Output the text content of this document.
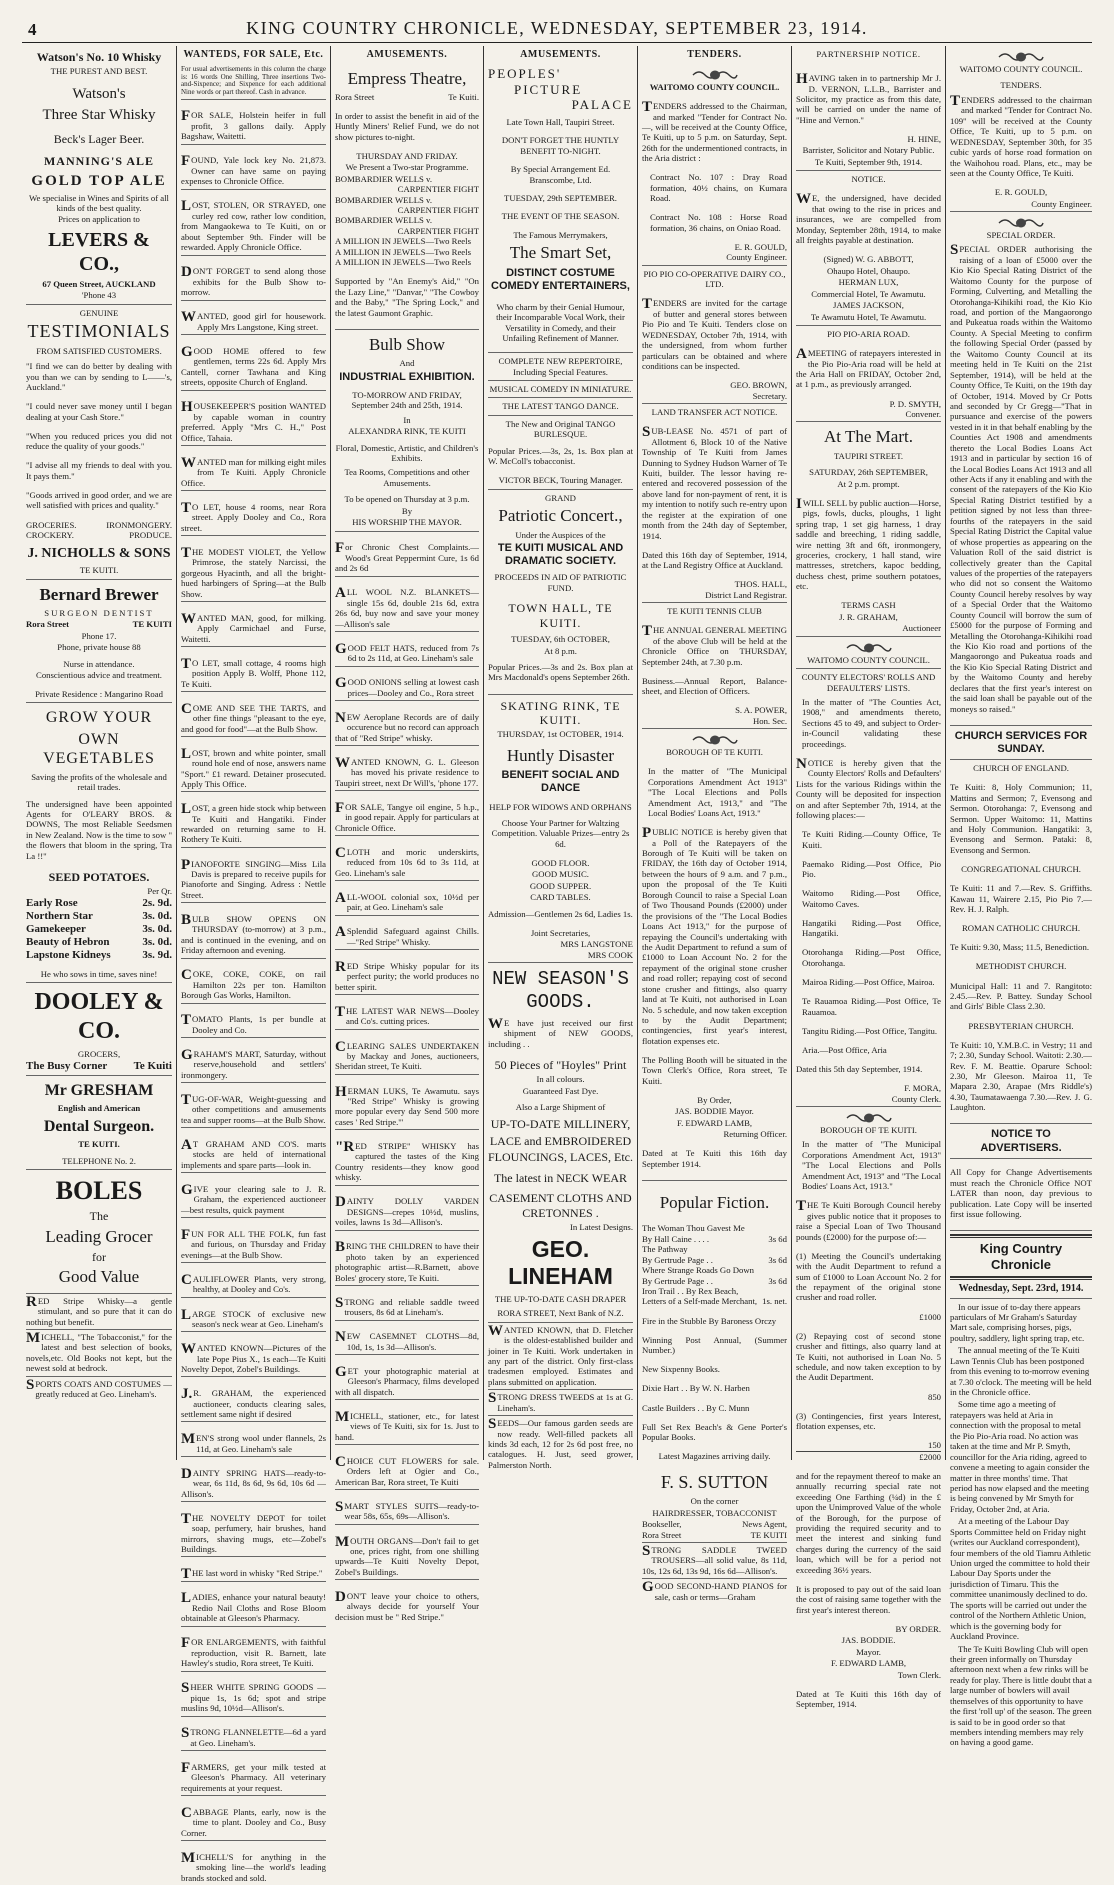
4	KING COUNTRY CHRONICLE, WEDNESDAY, SEPTEMBER 23, 1914.
Watson's No. 10 Whisky
THE PUREST AND BEST.
Watson's
Three Star Whisky
Beck's Lager Beer.
MANNING'S ALE
GOLD TOP ALE
We specialise in Wines and Spirits of all kinds of the best quality.
Prices on application to
LEVERS & CO.,
67 Queen Street, AUCKLAND
'Phone 43
GENUINE
TESTIMONIALS
FROM SATISFIED CUSTOMERS.

"I find we can do better by dealing with you than we can by sending to L——'s, Auckland."

"I could never save money until I began dealing at your Cash Store."

"When you reduced prices you did not reduce the quality of your goods."

"I advise all my friends to deal with you. It pays them."

"Goods arrived in good order, and we are well satisfied with prices and quality."

GROCERIES.	IRONMONGERY.
CROCKERY.	PRODUCE.
J. NICHOLLS & SONS
TE KUITI.
Bernard Brewer
SURGEON DENTIST
Rora Street	TE KUITI
Phone 17.
Phone, private house 88
Nurse in attendance.
Conscientious advice and treatment.
Private Residence : Mangarino Road
GROW YOUR
OWN VEGETABLES
Saving the profits of the wholesale and retail trades.

The undersigned have been appointed Agents for O'LEARY BROS. & DOWNS, The most Reliable Seedsmen in New Zealand. Now is the time to sow " the flowers that bloom in the spring, Tra La !!"

SEED POTATOES.
Per Qr.
Early Rose	2s. 9d.
Northern Star	3s. 0d.
Gamekeeper	3s. 0d.
Beauty of Hebron	3s. 0d.
Lapstone Kidneys	3s. 9d.
He who sows in time, saves nine!
DOOLEY & CO.
GROCERS,
The Busy Corner Te Kuiti
Mr GRESHAM
English and American
Dental Surgeon.
TE KUITI.
TELEPHONE No. 2.
BOLES
The
Leading Grocer
for
Good Value

RED Stripe Whisky—a gentle stimulant, and so pure that it can do nothing but benefit.

MICHELL, "The Tobacconist," for the latest and best selection of books, novels,etc. Old Books not kept, but the newest sold at bedrock.

SPORTS COATS AND COSTUMES —greatly reduced at Geo. Lineham's.

WANTEDS, FOR SALE, Etc.

For usual advertisements in this column the charge is: 16 words One Shilling, Three insertions Two-and-Sixpence; and Sixpence for each additional Nine words or part thereof. Cash in advance.

FOR SALE, Holstein heifer in full profit, 3 gallons daily. Apply Bagshaw, Waitetti.

FOUND, Yale lock key No. 21,873. Owner can have same on paying expenses to Chronicle Office.

LOST, STOLEN, OR STRAYED, one curley red cow, rather low condition, from Mangaokewa to Te Kuiti, on or about September 9th. Finder will be rewarded. Apply Chronicle Office.

DON'T FORGET to send along those exhibits for the Bulb Show to-morrow.

WANTED, good girl for housework. Apply Mrs Langstone, King street.

GOOD HOME offered to few gentlemen, terms 22s 6d. Apply Mrs Cantell, corner Tawhana and King streets, opposite Church of England.

HOUSEKEEPER'S position WANTED by capable woman in country preferred. Apply "Mrs C. H.," Post Office, Tahaia.

WANTED man for milking eight miles from Te Kuiti. Apply Chronicle Office.

TO LET, house 4 rooms, near Rora street. Apply Dooley and Co., Rora street.

THE MODEST VIOLET, the Yellow Primrose, the stately Narcissi, the gorgeous Hyacinth, and all the bright-hued harbingers of Spring—at the Bulb Show.

WANTED MAN, good, for milking. Apply Carmichael and Furse, Waitetti.

TO LET, small cottage, 4 rooms high position Apply B. Wolff, Phone 112, Te Kuiti.

COME AND SEE THE TARTS, and other fine things "pleasant to the eye, and good for food"—at the Bulb Show.

LOST, brown and white pointer, small round hole end of nose, answers name "Sport." £1 reward. Detainer prosecuted. Apply This Office.

LOST, a green hide stock whip between Te Kuiti and Hangatiki. Finder rewarded on returning same to H. Rothery Te Kuiti.

PIANOFORTE SINGING—Miss Lila Davis is prepared to receive pupils for Pianoforte and Singing. Adress : Nettle Street.

BULB SHOW OPENS ON THURSDAY (to-morrow) at 3 p.m., and is continued in the evening, and on Friday afternoon and evening.

COKE, COKE, COKE, on rail Hamilton 22s per ton. Hamilton Borough Gas Works, Hamilton.

TOMATO Plants, 1s per bundle at Dooley and Co.

GRAHAM'S MART, Saturday, without reserve,household and settlers' ironmongery.

TUG-OF-WAR, Weight-guessing and other competitions and amusements tea and supper rooms—at the Bulb Show.

AT GRAHAM AND CO'S. marts stocks are held of international implements and spare parts—look in.

GIVE your clearing sale to J. R. Graham, the experienced auctioneer—best results, quick payment

FUN FOR ALL THE FOLK, fun fast and furious, on Thursday and Friday evenings—at the Bulb Show.

CAULIFLOWER Plants, very strong, healthy, at Dooley and Co's.

LARGE STOCK of exclusive new season's neck wear at Geo. Lineham's

WANTED KNOWN—Pictures of the late Pope Pius X., 1s each—Te Kuiti Novelty Depot, Zobel's Buildings.

J.R. GRAHAM, the experienced auctioneer, conducts clearing sales, settlement same night if desired

MEN'S strong wool under flannels, 2s 11d, at Geo. Lineham's sale

DAINTY SPRING HATS—ready-to-wear, 6s 11d, 8s 6d, 9s 6d, 10s 6d —Allison's.

THE NOVELTY DEPOT for toilet soap, perfumery, hair brushes, hand mirrors, shaving mugs, etc—Zobel's Buildings.

THE last word in whisky "Red Stripe."

LADIES, enhance your natural beauty! Redio Nail Cloths and Rose Bloom obtainable at Gleeson's Pharmacy.

FOR ENLARGEMENTS, with faithful reproduction, visit R. Barnett, late Hawley's studio, Rora street, Te Kuiti.

SHEER WHITE SPRING GOODS —pique 1s, 1s 6d; spot and stripe muslins 9d, 10½d—Allison's.

STRONG FLANNELETTE—6d a yard at Geo. Lineham's.

FARMERS, get your milk tested at Gleeson's Pharmacy. All veterinary requirements at your request.

CABBAGE Plants, early, now is the time to plant. Dooley and Co., Busy Corner.

MICHELL'S for anything in the smoking line—the world's leading brands stocked and sold.

AMUSEMENTS.
Empress Theatre,
Rora Street	Te Kuiti.

In order to assist the benefit in aid of the Huntly Miners' Relief Fund, we do not show pictures to-night.

THURSDAY AND FRIDAY.
We Present a Two-star Programme.
BOMBARDIER WELLS v.
CARPENTIER FIGHT
BOMBARDIER WELLS v.
CARPENTIER FIGHT
BOMBARDIER WELLS v.
CARPENTIER FIGHT
A MILLION IN JEWELS—Two Reels
A MILLION IN JEWELS—Two Reels
A MILLION IN JEWELS—Two Reels

Supported by "An Enemy's Aid," "On the Lazy Line," "Danvar," "The Cowboy and the Baby," "The Spring Lock," and the latest Gaumont Graphic.

Bulb Show
And
INDUSTRIAL EXHIBITION.
TO-MORROW AND FRIDAY, September 24th and 25th, 1914.
In
ALEXANDRA RINK, TE KUITI
Floral, Domestic, Artistic, and Children's Exhibits.
Tea Rooms, Competitions and other Amusements.
To be opened on Thursday at 3 p.m.
By
HIS WORSHIP THE MAYOR.

For Chronic Chest Complaints.—Wood's Great Peppermint Cure, 1s 6d and 2s 6d

ALL WOOL N.Z. BLANKETS—single 15s 6d, double 21s 6d, extra 26s 6d, buy now and save your money —Allison's sale

GOOD FELT HATS, reduced from 7s 6d to 2s 11d, at Geo. Lineham's sale

GOOD ONIONS selling at lowest cash prices—Dooley and Co., Rora street

NEW Aeroplane Records are of daily occurence but no record can approach that of "Red Stripe" whisky.

WANTED KNOWN, G. L. Gleeson has moved his private residence to Taupiri street, next Dr Will's, 'phone 177.

FOR SALE, Tangye oil engine, 5 h.p., in good repair. Apply for particulars at Chronicle Office.

CLOTH and moric underskirts, reduced from 10s 6d to 3s 11d, at Geo. Lineham's sale

ALL-WOOL colonial sox, 10½d per pair, at Geo. Lineham's sale

ASplendid Safeguard against Chills. —"Red Stripe" Whisky.

RED Stripe Whisky popular for its perfect purity; the world produces no better spirit.

THE LATEST WAR NEWS—Dooley and Co's. cutting prices.

CLEARING SALES UNDERTAKEN by Mackay and Jones, auctioneers, Sheridan street, Te Kuiti.

HERMAN LUKS, Te Awamutu. says "Red Stripe" Whisky is growing more popular every day Send 500 more cases ' Red Stripe.'"

"RED STRIPE" WHISKY has captured the tastes of the King Country residents—they know good whisky.

DAINTY DOLLY VARDEN DESIGNS—crepes 10½d, muslins, voiles, lawns 1s 3d—Allison's.

BRING THE CHILDREN to have their photo taken by an experienced photographic artist—R.Barnett, above Boles' grocery store, Te Kuiti.

STRONG and reliable saddle tweed trousers, 8s 6d at Lineham's.

NEW CASEMNET CLOTHS—8d, 10d, 1s, 1s 3d—Allison's.

GET your photographic material at Gleeson's Pharmacy, films developed with all dispatch.

MICHELL, stationer, etc., for latest views of Te Kuiti, six for 1s. Just to hand.

CHOICE CUT FLOWERS for sale. Orders left at Ogier and Co., American Bar, Rora street, Te Kuiti

SMART STYLES SUITS—ready-to-wear 58s, 65s, 69s—Allison's.

MOUTH ORGANS—Don't fail to get one, prices right, from one shilling upwards—Te Kuiti Novelty Depot, Zobel's Buildings.

DON'T leave your choice to others, always decide for yourself Your decision must be " Red Stripe."

AMUSEMENTS.
PEOPLES'
PICTURE
PALACE
Late Town Hall, Taupiri Street.
DON'T FORGET THE HUNTLY BENEFIT TO-NIGHT.
By Special Arrangement Ed. Branscombe, Ltd.
TUESDAY, 29th SEPTEMBER.
THE EVENT OF THE SEASON.
The Famous Merrymakers,
The Smart Set,
DISTINCT COSTUME COMEDY ENTERTAINERS,

Who charm by their Genial Humour, their Incomparable Vocal Work, their Versatility in Comedy, and their Unfailing Refinement of Manner.

COMPLETE NEW REPERTOIRE, Including Special Features.
MUSICAL COMEDY IN MINIATURE.
THE LATEST TANGO DANCE.
The New and Original TANGO BURLESQUE.

Popular Prices.—3s, 2s, 1s. Box plan at W. McColl's tobacconist.

VICTOR BECK, Touring Manager.
GRAND
Patriotic Concert.,
Under the Auspices of the
TE KUITI MUSICAL AND DRAMATIC SOCIETY.
PROCEEDS IN AID OF PATRIOTIC FUND.
TOWN HALL, TE KUITI.
TUESDAY, 6th OCTOBER,
At 8 p.m.

Popular Prices.—3s and 2s. Box plan at Mrs Macdonald's opens September 26th.

SKATING RINK, TE KUITI.
THURSDAY, 1st OCTOBER, 1914.
Huntly Disaster
BENEFIT SOCIAL AND DANCE
HELP FOR WIDOWS AND ORPHANS

Choose Your Partner for Waltzing Competition. Valuable Prizes—entry 2s 6d.

GOOD FLOOR.
GOOD MUSIC.
GOOD SUPPER.
CARD TABLES.

Admission—Gentlemen 2s 6d, Ladies 1s.

Joint Secretaries,
MRS LANGSTONE
MRS COOK
NEW SEASON'S GOODS.

WE have just received our first shipment of NEW GOODS, including . .

50 Pieces of "Hoyles" Print
In all colours.
Guaranteed Fast Dye.
Also a Large Shipment of
UP-TO-DATE MILLINERY, LACE and EMBROIDERED FLOUNCINGS, LACES, Etc.
The latest in NECK WEAR
CASEMENT CLOTHS AND CRETONNES .
In Latest Designs.
GEO. LINEHAM
THE UP-TO-DATE CASH DRAPER
RORA STREET, Next Bank of N.Z.

WANTED KNOWN, that D. Fletcher is the oldest-established builder and joiner in Te Kuiti. Work undertaken in any part of the district. Only first-class tradesmen employed. Estimates and plans submitted on application.

STRONG DRESS TWEEDS at 1s at G. Lineham's.

SEEDS—Our famous garden seeds are now ready. Well-filled packets all kinds 3d each, 12 for 2s 6d post free, no catalogues. H. Just, seed grower, Palmerston North.

TENDERS.
WAITOMO COUNTY COUNCIL.

TENDERS addressed to the Chairman, and marked "Tender for Contract No.—, will be received at the County Office, Te Kuiti, up to 5 p.m. on Saturday, Sept. 26th for the undermentioned contracts, in the Aria district :

Contract No. 107 : Dray Road formation, 40½ chains, on Kumara Road.

Contract No. 108 : Horse Road formation, 36 chains, on Oniao Road.

E. R. GOULD,
County Engineer.
PIO PIO CO-OPERATIVE DAIRY CO., LTD.

TENDERS are invited for the cartage of butter and general stores between Pio Pio and Te Kuiti. Tenders close on WEDNESDAY, October 7th, 1914, with the undersigned, from whom further particulars can be obtained and where conditions can be inspected.

GEO. BROWN,
Secretary.
LAND TRANSFER ACT NOTICE.

SUB-LEASE No. 4571 of part of Allotment 6, Block 10 of the Native Township of Te Kuiti from James Dunning to Sydney Hudson Warner of Te Kuiti, builder. The lessor having re-entered and recovered possession of the above land for non-payment of rent, it is my intention to notify such re-entry upon the register at the expiration of one month from the 24th day of September, 1914.

Dated this 16th day of September, 1914, at the Land Registry Office at Auckland.

THOS. HALL,
District Land Registrar.
TE KUITI TENNIS CLUB

THE ANNUAL GENERAL MEETING of the above Club will be held at the Chronicle Office on THURSDAY, September 24th, at 7.30 p.m.

Business.—Annual Report, Balance-sheet, and Election of Officers.

S. A. POWER,
Hon. Sec.
BOROUGH OF TE KUITI.

In the matter of "The Municipal Corporations Amendment Act 1913" "The Local Elections and Polls Amendment Act, 1913," and "The Local Bodies' Loans Act, 1913."

PUBLIC NOTICE is hereby given that a Poll of the Ratepayers of the Borough of Te Kuiti will be taken on FRIDAY, the 16th day of October 1914, between the hours of 9 a.m. and 7 p.m., upon the proposal of the Te Kuiti Borough Council to raise a Special Loan of Two Thousand Pounds (£2000) under the provisions of the "The Local Bodies Loans Act 1913," for the purpose of repaying the Council's undertaking with the Audit Department to refund a sum of £1000 to Loan Account No. 2 for the repayment of the original stone crusher and road roller; repaying cost of second stone crusher and fittings, also quarry land at Te Kuiti, not authorised in Loan No. 5 schedule, and now taken exception to by the Audit Department; contingencies, first year's interest, flotation expenses etc.

The Polling Booth will be situated in the Town Clerk's Office, Rora street, Te Kuiti.

By Order,
JAS. BODDIE Mayor.
F. EDWARD LAMB,
Returning Officer.

Dated at Te Kuiti this 16th day September 1914.

Popular Fiction.
The Woman Thou Gavest Me
By Hall Caine . . . .	3s 6d
The Pathway
By Gertrude Page . .	3s 6d
Where Strange Roads Go Down
By Gertrude Page . .	3s 6d
Iron Trail . . By Rex Beach,
Letters of a Self-made Merchant, 1s. net.

Fire in the Stubble By Baroness Orczy

Winning Post Annual, (Summer Number.)

New Sixpenny Books.

Dixie Hart . . By W. N. Harben

Castle Builders . . By C. Munn

Full Set Rex Beach's & Gene Porter's Popular Books.

Latest Magazines arriving daily.

F. S. SUTTON
On the corner
HAIRDRESSER, TOBACCONIST
Bookseller,	News Agent,
Rora Street	TE KUITI

STRONG SADDLE TWEED TROUSERS—all solid value, 8s 11d, 10s, 12s 6d, 13s 9d, 16s 6d—Allison's.

GOOD SECOND-HAND PIANOS for sale, cash or terms—Graham

PARTNERSHIP NOTICE.

HAVING taken in to partnership Mr J. D. VERNON, L.L.B., Barrister and Solicitor, my practice as from this date, will be carried on under the name of "Hine and Vernon."

H. HINE,
Barrister, Solicitor and Notary Public.
Te Kuiti, September 9th, 1914.
NOTICE.

WE, the undersigned, have decided that owing to the rise in prices and insurances, we are compelled from Monday, September 28th, 1914, to make all freights payable at destination.

(Signed) W. G. ABBOTT,
Ohaupo Hotel, Ohaupo.
HERMAN LUX,
Commercial Hotel, Te Awamutu.
JAMES JACKSON,
Te Awamutu Hotel, Te Awamutu.
PIO PIO-ARIA ROAD.

AMEETING of ratepayers interested in the Pio Pio-Aria road will be held at the Aria Hall on FRIDAY, October 2nd, at 1 p.m., as previously arranged.

P. D. SMYTH,
Convener.
At The Mart.
TAUPIRI STREET.
SATURDAY, 26th SEPTEMBER,
At 2 p.m. prompt.

IWILL SELL by public auction—Horse, pigs, fowls, ducks, ploughs, 1 light spring trap, 1 set gig harness, 1 dray saddle and breeching, 1 riding saddle, wire netting 3ft and 6ft, ironmongery, groceries, crockery, 1 hall stand, wire mattresses, stretchers, kapoc bedding, duchess chest, prime southern potatoes, etc.

TERMS CASH
J. R. GRAHAM,
Auctioneer
WAITOMO COUNTY COUNCIL.
COUNTY ELECTORS' ROLLS AND DEFAULTERS' LISTS.

In the matter of "The Counties Act, 1908," and amendments thereto, Sections 45 to 49, and subject to Order-in-Council validating these proceedings.

NOTICE is hereby given that the County Electors' Rolls and Defaulters' Lists for the various Ridings within the County will be deposited for inspection on and after September 7th, 1914, at the following places:—

Te Kuiti Riding.—County Office, Te Kuiti.

Paemako Riding.—Post Office, Pio Pio.

Waitomo Riding.—Post Office, Waitomo Caves.

Hangatiki Riding.—Post Office, Hangatiki.

Otorohanga Riding.—Post Office, Otorohanga.

Mairoa Riding.—Post Office, Mairoa.

Te Rauamoa Riding.—Post Office, Te Rauamoa.

Tangitu Riding.—Post Office, Tangitu.

Aria.—Post Office, Aria

Dated this 5th day September, 1914.

F. MORA,
County Clerk.
BOROUGH OF TE KUITI.

In the matter of "The Municipal Corporations Amendment Act, 1913" "The Local Elections and Polls Amendment Act, 1913" and "The Local Bodies' Loans Act, 1913."

THE Te Kuiti Borough Council hereby gives public notice that it proposes to raise a Special Loan of Two Thousand pounds (£2000) for the purpose of:—

(1) Meeting the Council's undertaking with the Audit Department to refund a sum of £1000 to Loan Account No. 2 for the repayment of the original stone crusher and road roller.

£1000

(2) Repaying cost of second stone crusher and fittings, also quarry land at Te Kuiti, not authorised in Loan No. 5 schedule, and now taken exception to by the Audit Department.

850

(3) Contingencies, first years Interest, flotation expenses, etc.

150
£2000

and for the repayment thereof to make an annually recurring special rate not exceeding One Farthing (¼d) in the £ upon the Unimproved Value of the whole of the Borough, for the purpose of providing the required security and to meet the interest and sinking fund charges during the currency of the said loan, which will be for a period not exceeding 36½ years.

It is proposed to pay out of the said loan the cost of raising same together with the first year's interest thereon.

BY ORDER.
JAS. BODDIE.
Mayor.
F. EDWARD LAMB,
Town Clerk.

Dated at Te Kuiti this 16th day of September, 1914.

WAITOMO COUNTY COUNCIL.
TENDERS.

TENDERS addressed to the chairman and marked "Tender for Contract No. 109" will be received at the County Office, Te Kuiti, up to 5 p.m. on WEDNESDAY, September 30th, for 35 cubic yards of horse road formation on the Waihohou road. Plans, etc., may be seen at the County Office, Te Kuiti.

E. R. GOULD,
County Engineer.
SPECIAL ORDER.

SPECIAL ORDER authorising the raising of a loan of £5000 over the Kio Kio Special Rating District of the Waitomo County for the purpose of Forming, Culverting, and Metalling the Otorohanga-Kihikihi road, the Kio Kio road, and portion of the Mangaorongo and Pukeatua roads within the Waitomo County. A Special Meeting to confirm the following Special Order (passed by the Waitomo County Council at its meeting held in Te Kuiti on the 21st September, 1914), will be held at the County Office, Te Kuiti, on the 19th day of October, 1914. Moved by Cr Potts and seconded by Cr Gregg—"That in pursuance and exercise of the powers vested in it in that behalf enabling by the Counties Act 1908 and amendments thereto the Local Bodies Loans Act 1913 and in particular by section 16 of the Local Bodies Loans Act 1913 and all other Acts if any it enabling and with the consent of the ratepayers of the Kio Kio Special Rating District testified by a petition signed by not less than three-fourths of the ratepayers in the said Special Rating District the Capital value of whose properties as appearing on the Valuation Roll of the said district is collectively greater than the Capital values of the properties of the ratepayers who did not so consent the Waitomo County Council hereby resolves by way of a Special Order that the Waitomo County Council will borrow the sum of £5000 for the purpose of Forming and Metalling the Otorohanga-Kihikihi road the Kio Kio road and portions of the Mangaorongo and Pukeatua roads and the Kio Kio Special Rating District and by the Waitomo County and hereby declares that the first year's interest on the said loan shall be payable out of the moneys so raised."

CHURCH SERVICES FOR SUNDAY.
CHURCH OF ENGLAND.

Te Kuiti: 8, Holy Communion; 11, Mattins and Sermon; 7, Evensong and Sermon. Otorohanga: 7, Evensong and Sermon. Upper Waitomo: 11, Mattins and Holy Communion. Hangatiki: 3, Evensong and Sermon. Pataki: 8, Evensong and Sermon.

CONGREGATIONAL CHURCH.

Te Kuiti: 11 and 7.—Rev. S. Griffiths. Kawau 11, Wairere 2.15, Pio Pio 7.—Rev. H. J. Ralph.

ROMAN CATHOLIC CHURCH.

Te Kuiti: 9.30, Mass; 11.5, Benediction.

METHODIST CHURCH.

Municipal Hall: 11 and 7. Rangitoto: 2.45.—Rev. P. Battey. Sunday School and Girls' Bible Class 2.30.

PRESBYTERIAN CHURCH.

Te Kuiti: 10, Y.M.B.C. in Vestry; 11 and 7; 2.30, Sunday School. Waitoti: 2.30.—Rev. F. M. Beattie. Oparure School: 2.30, Mr Gleeson. Mairoa 11, Te Mapara 2.30, Arapae (Mrs Riddle's) 4.30, Taumatawaenga 7.30.—Rev. J. G. Laughton.

NOTICE TO ADVERTISERS.

All Copy for Change Advertisements must reach the Chronicle Office NOT LATER than noon, day previous to publication. Late Copy will be inserted first issue following.

King Country Chronicle
Wednesday, Sept. 23rd, 1914.

In our issue of to-day there appears particulars of Mr Graham's Saturday Mart sale, comprising horses, pigs, poultry, saddlery, light spring trap, etc.

The annual meeting of the Te Kuiti Lawn Tennis Club has been postponed from this evening to to-morrow evening at 7.30 o'clock. The meeting will be held in the Chronicle office.

Some time ago a meeting of ratepayers was held at Aria in connection with the proposal to metal the Pio Pio-Aria road. No action was taken at the time and Mr P. Smyth, councillor for the Aria riding, agreed to convene a meeting to again consider the matter in three months' time. That period has now elapsed and the meeting is being convened by Mr Smyth for Friday, October 2nd, at Aria.

At a meeting of the Labour Day Sports Committee held on Friday night (writes our Auckland correspondent), four members of the old Tiamru Athletic Union urged the committee to hold their Labour Day Sports under the jurisdiction of Timaru. This the committee unanimously declined to do. The sports will be carried out under the control of the Northern Athletic Union, which is the governing body for Auckland Province.

The Te Kuiti Bowling Club will open their green informally on Thursday afternoon next when a few rinks will be ready for play. There is little doubt that a large number of bowlers will avail themselves of this opportunity to have the first 'roll up' of the season. The green is said to be in good order so that members intending members may rely on having a good game.
